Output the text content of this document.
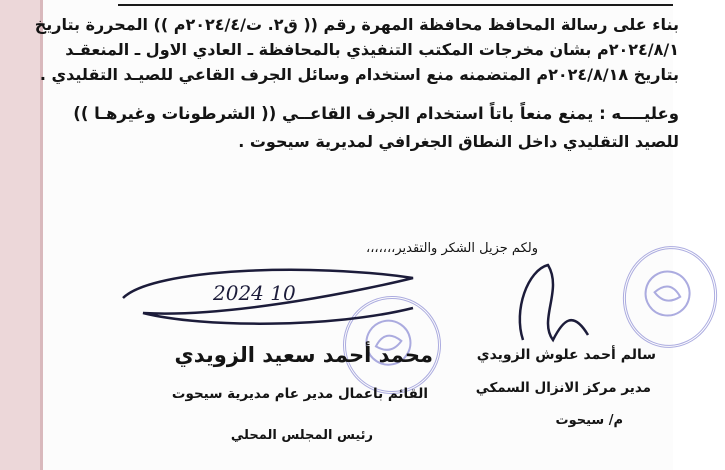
بناء على رسالة المحافظ محافظة المهرة رقم (( ق٢. ت/٢٠٢٤/٤م )) المحررة بتاريخ
٢٠٢٤/٨/١م بشان مخرجات المكتب التنفيذي بالمحافظة ـ العادي الاول ـ المنعقـد
بتاريخ ٢٠٢٤/٨/١٨م المتضمنه منع استخدام وسائل الجرف القاعي للصيـد التقليدي .
وعليــــه : يمنع منعاً باتاً استخدام الجرف القاعــي (( الشرطونات وغيرهـا ))
للصيد التقليدي داخل النطاق الجغرافي لمديرية سيحوت .
ولكم جزيل الشكر والتقدير،،،،،،،
2024 10
محمد أحمد سعيد الزويدي
القائم باعمال مدير عام مديرية سيحوت
رئيس المجلس المحلي
سالم أحمد علوش الزويدي
مدير مركز الانزال السمكي
م/ سيحوت
